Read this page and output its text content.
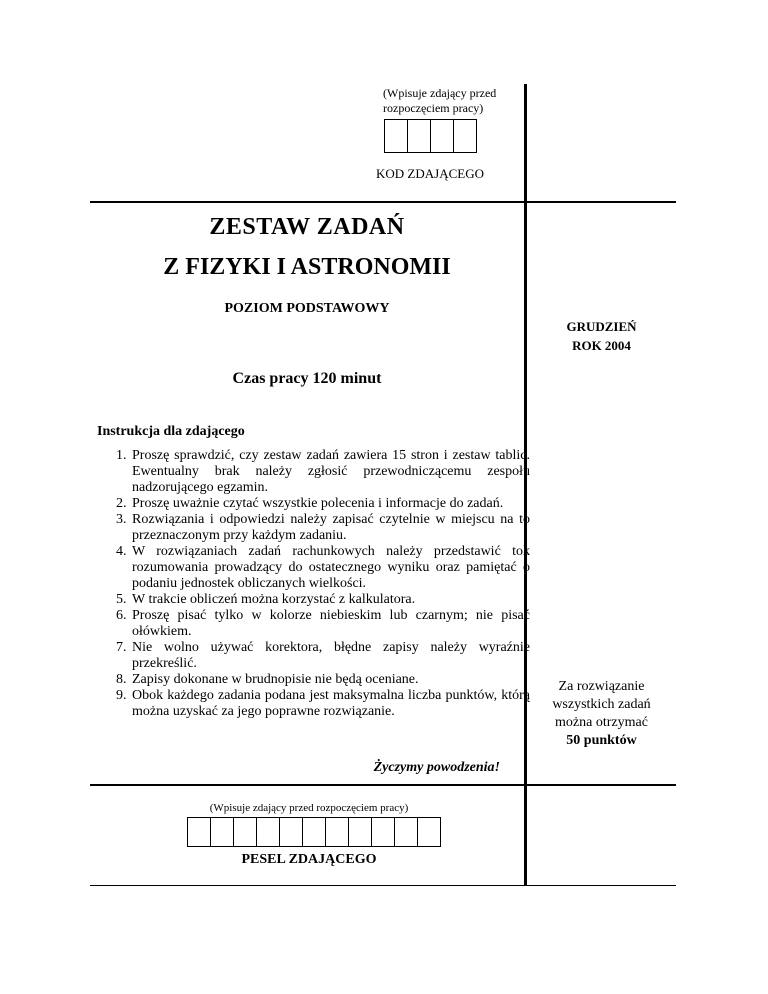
(Wpisuje zdający przed rozpoczęciem pracy)
KOD ZDAJĄCEGO
ZESTAW ZADAŃ
Z FIZYKI I ASTRONOMII
POZIOM PODSTAWOWY
GRUDZIEŃ
ROK 2004
Czas pracy 120 minut
Instrukcja dla zdającego
1. Proszę sprawdzić, czy zestaw zadań zawiera 15 stron i zestaw tablic. Ewentualny brak należy zgłosić przewodniczącemu zespołu nadzorującego egzamin.
2. Proszę uważnie czytać wszystkie polecenia i informacje do zadań.
3. Rozwiązania i odpowiedzi należy zapisać czytelnie w miejscu na to przeznaczonym przy każdym zadaniu.
4. W rozwiązaniach zadań rachunkowych należy przedstawić tok rozumowania prowadzący do ostatecznego wyniku oraz pamiętać o podaniu jednostek obliczanych wielkości.
5. W trakcie obliczeń można korzystać z kalkulatora.
6. Proszę pisać tylko w kolorze niebieskim lub czarnym; nie pisać ołówkiem.
7. Nie wolno używać korektora, błędne zapisy należy wyraźnie przekreślić.
8. Zapisy dokonane w brudnopisie nie będą oceniane.
9. Obok każdego zadania podana jest maksymalna liczba punktów, którą można uzyskać za jego poprawne rozwiązanie.
Życzymy powodzenia!
Za rozwiązanie
wszystkich zadań
można otrzymać
50 punktów
(Wpisuje zdający przed rozpoczęciem pracy)
PESEL ZDAJĄCEGO
